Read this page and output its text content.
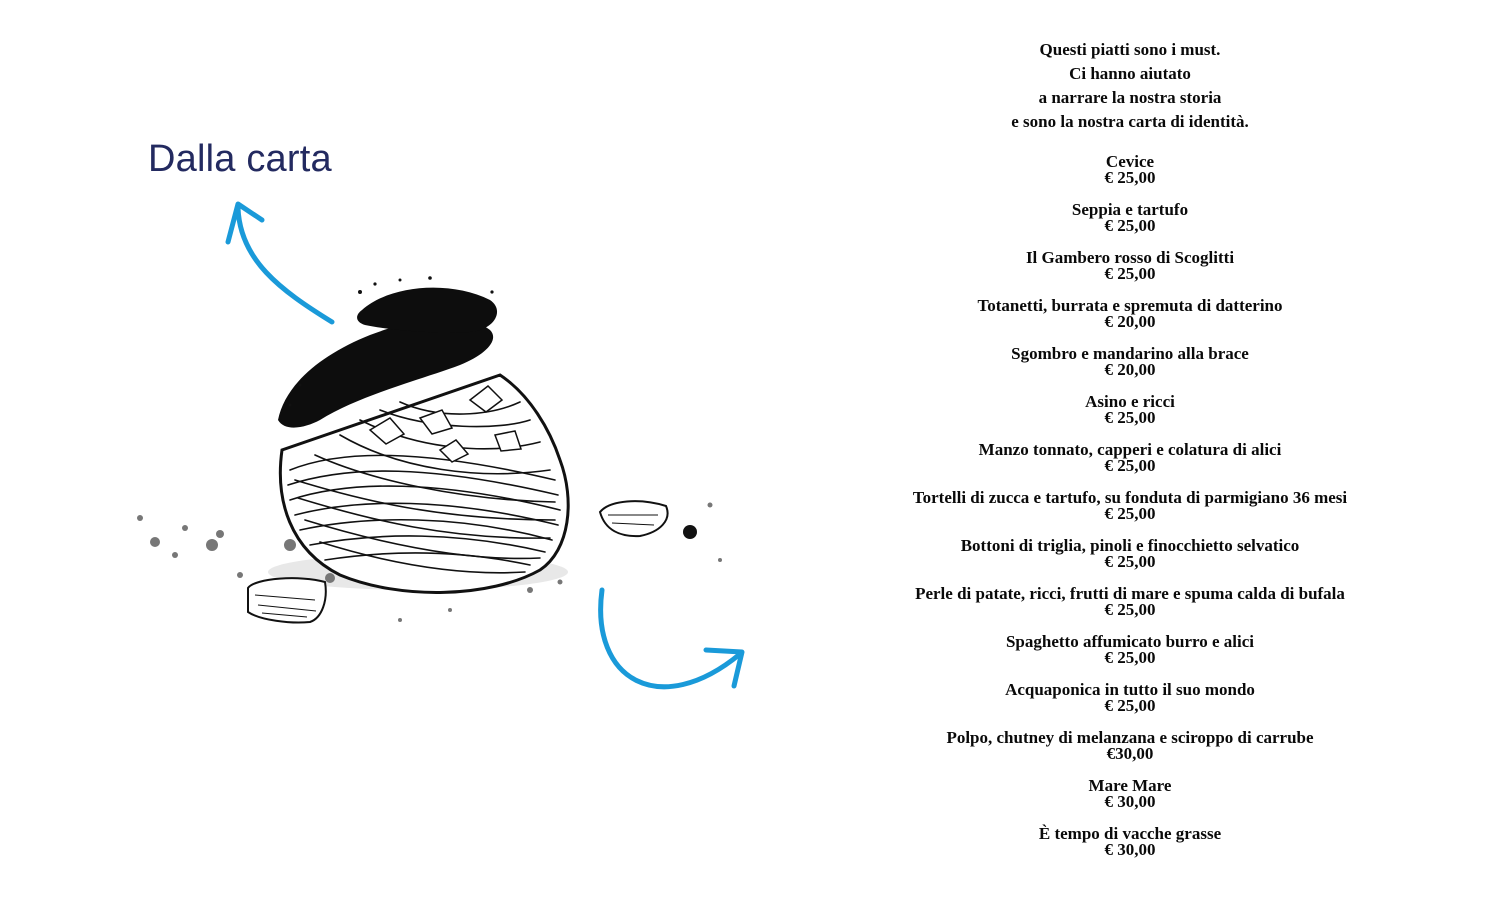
Dalla carta
Questi piatti sono i must.
Ci hanno aiutato
a narrare la nostra storia
e sono la nostra carta di identità.
Cevice
€ 25,00
Seppia e tartufo
€ 25,00
Il Gambero rosso di Scoglitti
€ 25,00
Totanetti, burrata e spremuta di datterino
€ 20,00
Sgombro e mandarino alla brace
€ 20,00
Asino e ricci
€ 25,00
Manzo tonnato, capperi e colatura di alici
€ 25,00
Tortelli di zucca e tartufo, su fonduta di parmigiano 36 mesi
€ 25,00
Bottoni di triglia, pinoli e finocchietto selvatico
€ 25,00
Perle di patate, ricci, frutti di mare e spuma calda di bufala
€ 25,00
Spaghetto affumicato burro e alici
€ 25,00
Acquaponica in tutto il suo mondo
€ 25,00
Polpo, chutney di melanzana e sciroppo di carrube
€30,00
Mare Mare
€ 30,00
È tempo di vacche grasse
€ 30,00
